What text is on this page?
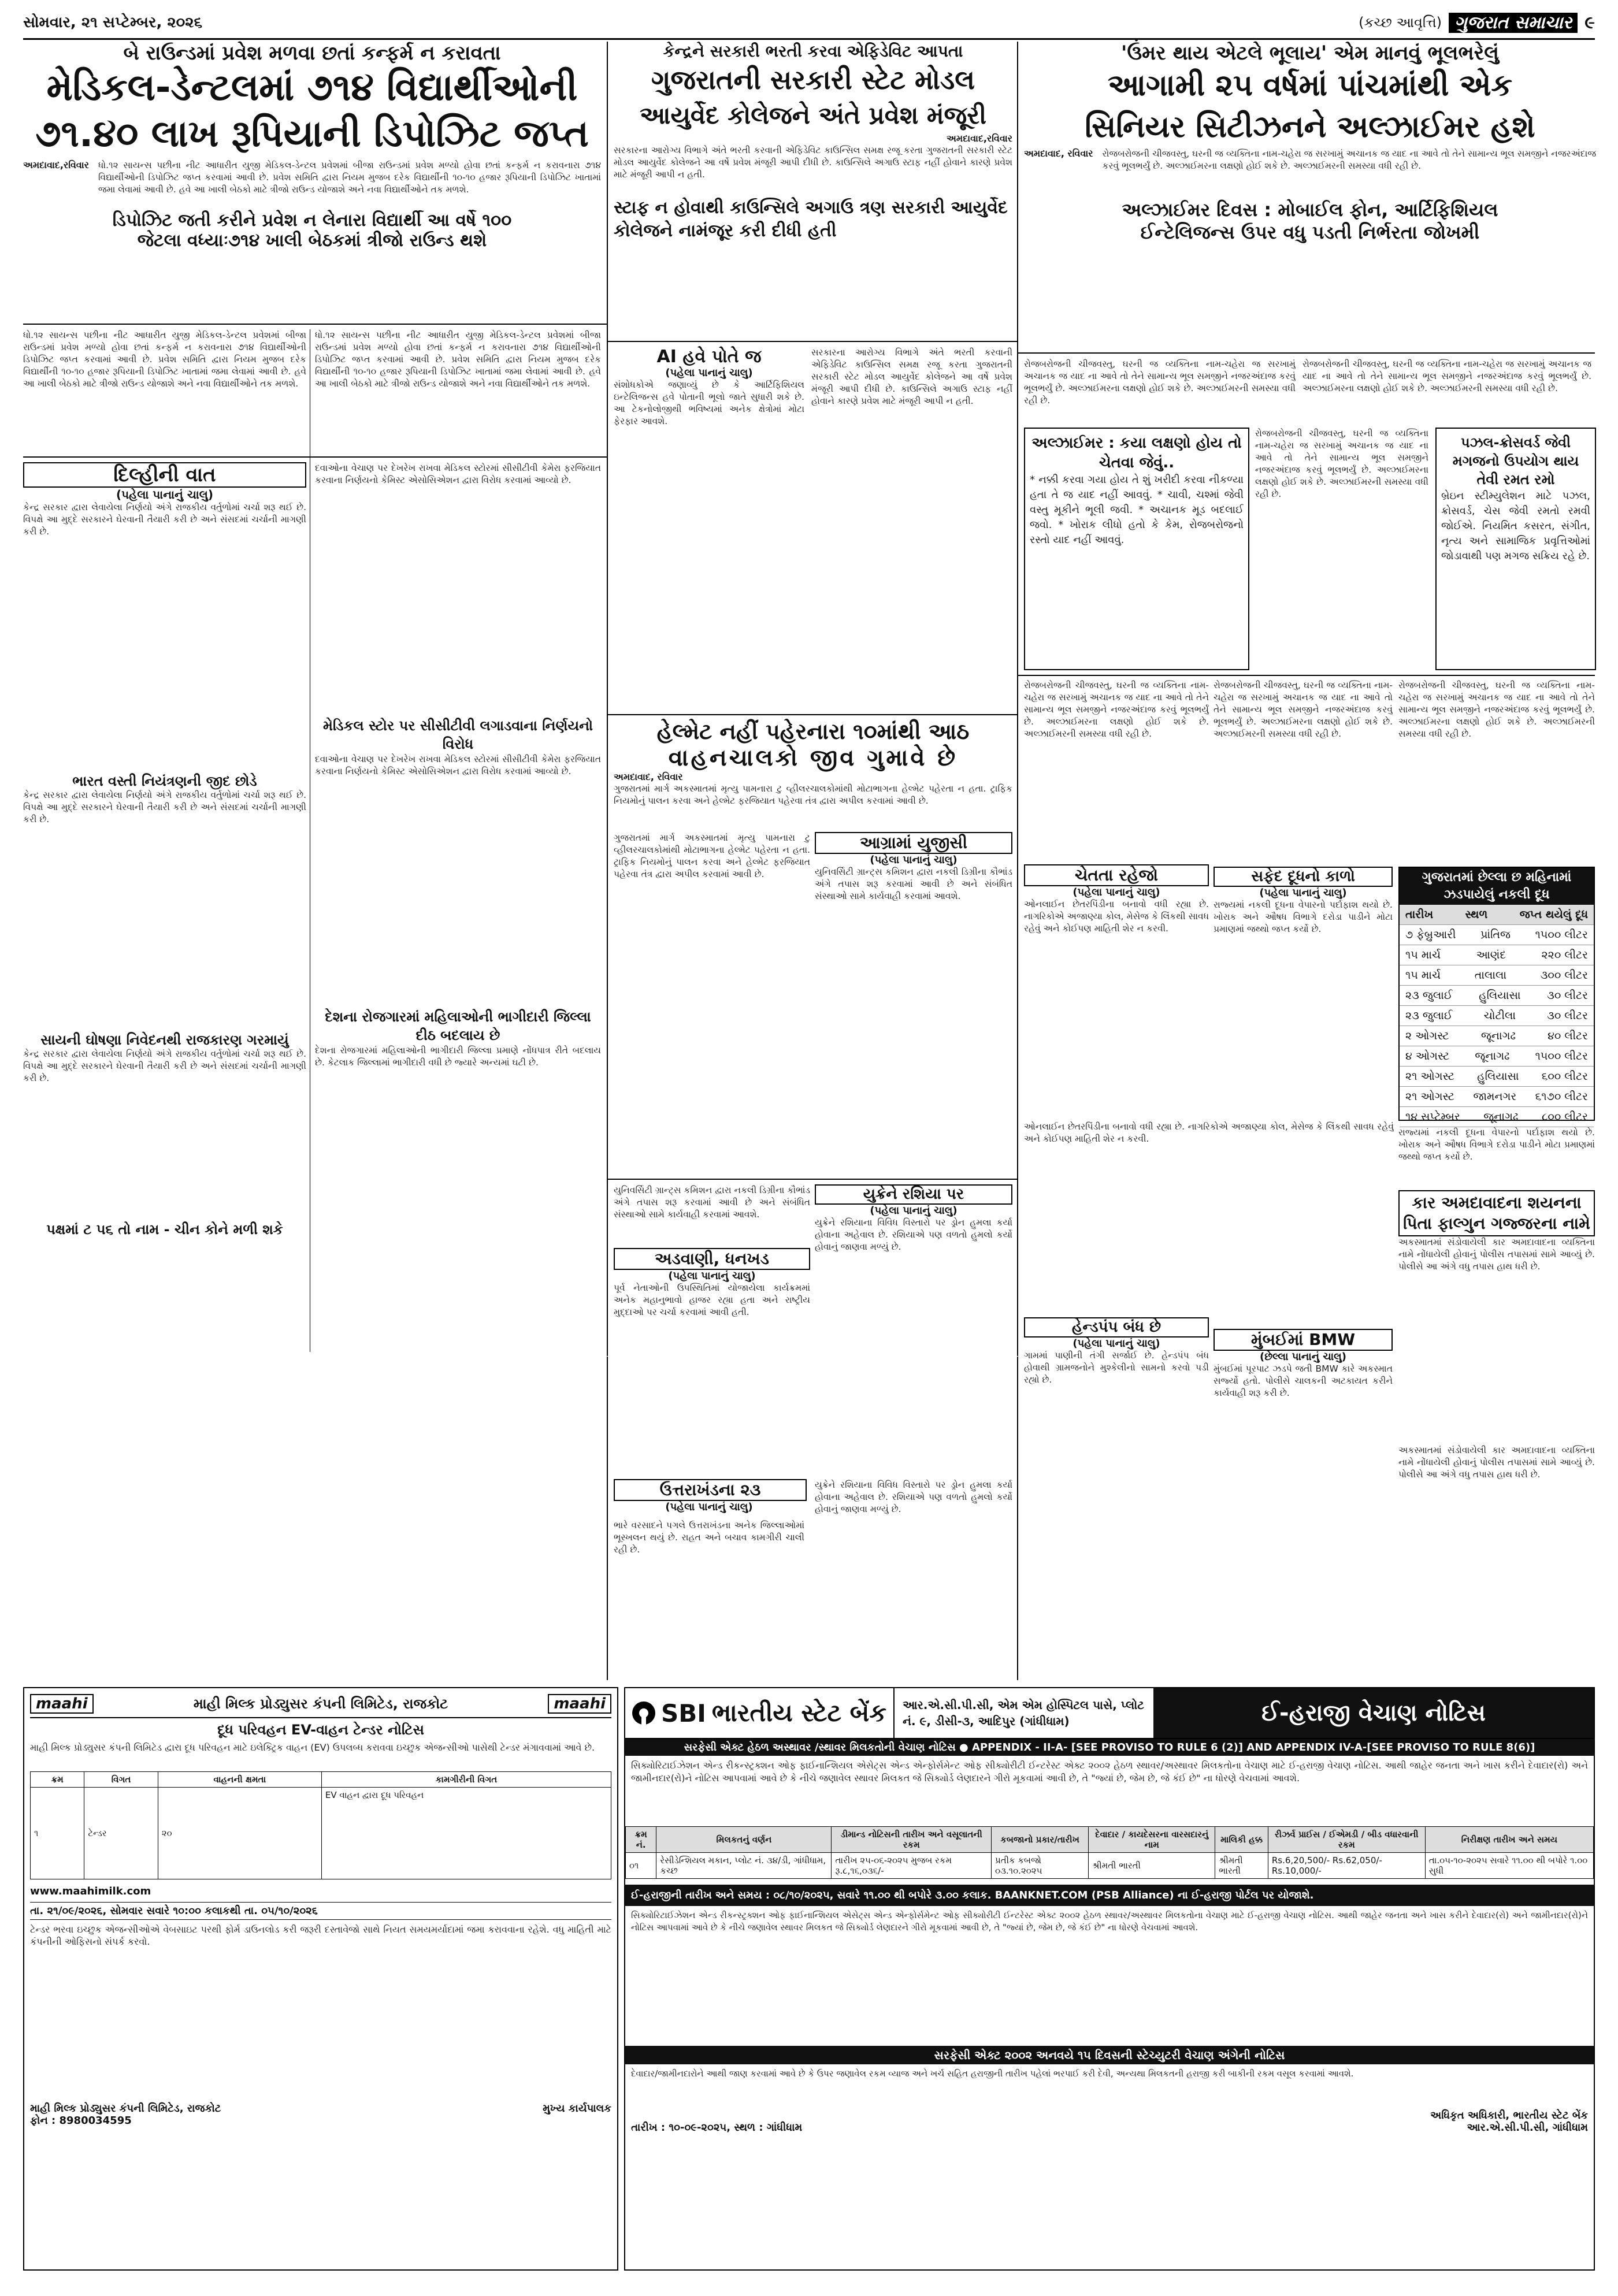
સોમવાર, ૨૧ સપ્ટેમ્બર, ૨૦૨૬	(કચ્છ આવૃત્તિ) ગુજરાત સમાચાર ૯
બે રાઉન્ડમાં પ્રવેશ મળવા છતાં કન્ફર્મ ન કરાવતા
મેડિકલ-ડેન્ટલમાં ૭૧૪ વિદ્યાર્થીઓની
૭૧.૪૦ લાખ રૂપિયાની ડિપોઝિટ જપ્ત
અમદાવાદ,રવિવાર ધો.૧૨ સાયન્સ પછીના નીટ આધારીત યુજી મેડિકલ-ડેન્ટલ પ્રવેશમાં બીજા રાઉન્ડમાં પ્રવેશ મળ્યો હોવા છતાં કન્ફર્મ ન કરાવનારા ૭૧૪ વિદ્યાર્થીઓની ડિપોઝિટ જપ્ત કરવામાં આવી છે. પ્રવેશ સમિતિ દ્વારા નિયમ મુજબ દરેક વિદ્યાર્થીની ૧૦-૧૦ હજાર રૂપિયાની ડિપોઝિટ ખાતામાં જમા લેવામાં આવી છે. હવે આ ખાલી બેઠકો માટે ત્રીજો રાઉન્ડ યોજાશે અને નવા વિદ્યાર્થીઓને તક મળશે.
ડિપોઝિટ જતી કરીને પ્રવેશ ન લેનારા વિદ્યાર્થી આ વર્ષે ૧૦૦
જેટલા વધ્યાઃ૭૧૪ ખાલી બેઠકમાં ત્રીજો રાઉન્ડ થશે
કેન્દ્રને સરકારી ભરતી કરવા એફિડેવિટ આપતા
ગુજરાતની સરકારી સ્ટેટ મોડલ
આયુર્વેદ કોલેજને અંતે પ્રવેશ મંજૂરી
અમદાવાદ,રવિવાર
સરકારના આરોગ્ય વિભાગે અંતે ભરતી કરવાની એફિડેવિટ કાઉન્સિલ સમક્ષ રજૂ કરતા ગુજરાતની સરકારી સ્ટેટ મોડલ આયુર્વેદ કોલેજને આ વર્ષે પ્રવેશ મંજૂરી આપી દીધી છે. કાઉન્સિલે અગાઉ સ્ટાફ નહીં હોવાને કારણે પ્રવેશ માટે મંજૂરી આપી ન હતી.
સ્ટાફ ન હોવાથી કાઉન્સિલે અગાઉ ત્રણ સરકારી આયુર્વેદ કોલેજને નામંજૂર કરી દીધી હતી
'ઉંમર થાય એટલે ભૂલાય' એમ માનવું ભૂલભરેલું
આગામી ૨૫ વર્ષમાં પાંચમાંથી એક
સિનિયર સિટીઝનને અલ્ઝાઈમર હશે
અમદાવાદ, રવિવાર રોજબરોજની ચીજવસ્તુ, ઘરની જ વ્યક્તિના નામ-ચહેરા જ સરખામું અચાનક જ યાદ ના આવે તો તેને સામાન્ય ભૂલ સમજીને નજરઅંદાજ કરવું ભૂલભર્યું છે. અલ્ઝાઈમરના લક્ષણો હોઈ શકે છે. અલ્ઝાઈમરની સમસ્યા વધી રહી છે.
અલ્ઝાઈમર દિવસ : મોબાઈલ ફોન, આર્ટિફિશિયલ
ઈન્ટેલિજન્સ ઉપર વધુ પડતી નિર્ભરતા જોખમી
ધો.૧૨ સાયન્સ પછીના નીટ આધારીત યુજી મેડિકલ-ડેન્ટલ પ્રવેશમાં બીજા રાઉન્ડમાં પ્રવેશ મળ્યો હોવા છતાં કન્ફર્મ ન કરાવનારા ૭૧૪ વિદ્યાર્થીઓની ડિપોઝિટ જપ્ત કરવામાં આવી છે. પ્રવેશ સમિતિ દ્વારા નિયમ મુજબ દરેક વિદ્યાર્થીની ૧૦-૧૦ હજાર રૂપિયાની ડિપોઝિટ ખાતામાં જમા લેવામાં આવી છે. હવે આ ખાલી બેઠકો માટે ત્રીજો રાઉન્ડ યોજાશે અને નવા વિદ્યાર્થીઓને તક મળશે.
ધો.૧૨ સાયન્સ પછીના નીટ આધારીત યુજી મેડિકલ-ડેન્ટલ પ્રવેશમાં બીજા રાઉન્ડમાં પ્રવેશ મળ્યો હોવા છતાં કન્ફર્મ ન કરાવનારા ૭૧૪ વિદ્યાર્થીઓની ડિપોઝિટ જપ્ત કરવામાં આવી છે. પ્રવેશ સમિતિ દ્વારા નિયમ મુજબ દરેક વિદ્યાર્થીની ૧૦-૧૦ હજાર રૂપિયાની ડિપોઝિટ ખાતામાં જમા લેવામાં આવી છે. હવે આ ખાલી બેઠકો માટે ત્રીજો રાઉન્ડ યોજાશે અને નવા વિદ્યાર્થીઓને તક મળશે.
દિલ્હીની વાત
(પહેલા પાનાનું ચાલુ)
કેન્દ્ર સરકાર દ્વારા લેવાયેલા નિર્ણયો અંગે રાજકીય વર્તુળોમાં ચર્ચા શરૂ થઈ છે. વિપક્ષે આ મુદ્દે સરકારને ઘેરવાની તૈયારી કરી છે અને સંસદમાં ચર્ચાની માગણી કરી છે.
ભારત વસ્તી નિયંત્રણની જીદ છોડે
કેન્દ્ર સરકાર દ્વારા લેવાયેલા નિર્ણયો અંગે રાજકીય વર્તુળોમાં ચર્ચા શરૂ થઈ છે. વિપક્ષે આ મુદ્દે સરકારને ઘેરવાની તૈયારી કરી છે અને સંસદમાં ચર્ચાની માગણી કરી છે.
સાયની ઘોષણા નિવેદનથી રાજકારણ ગરમાયું
કેન્દ્ર સરકાર દ્વારા લેવાયેલા નિર્ણયો અંગે રાજકીય વર્તુળોમાં ચર્ચા શરૂ થઈ છે. વિપક્ષે આ મુદ્દે સરકારને ઘેરવાની તૈયારી કરી છે અને સંસદમાં ચર્ચાની માગણી કરી છે.
પક્ષમાં ટ ૫૬ તો નામ - ચીન કોને મળી શકે
દવાઓના વેચાણ પર દેખરેખ રાખવા મેડિકલ સ્ટોરમાં સીસીટીવી કેમેરા ફરજિયાત કરવાના નિર્ણયનો કેમિસ્ટ એસોસિએશન દ્વારા વિરોધ કરવામાં આવ્યો છે.
મેડિકલ સ્ટોર પર સીસીટીવી લગાડવાના નિર્ણયનો વિરોધ
દવાઓના વેચાણ પર દેખરેખ રાખવા મેડિકલ સ્ટોરમાં સીસીટીવી કેમેરા ફરજિયાત કરવાના નિર્ણયનો કેમિસ્ટ એસોસિએશન દ્વારા વિરોધ કરવામાં આવ્યો છે.
દેશના રોજગારમાં મહિલાઓની ભાગીદારી જિલ્લા દીઠ બદલાય છે
દેશના રોજગારમાં મહિલાઓની ભાગીદારી જિલ્લા પ્રમાણે નોંધપાત્ર રીતે બદલાય છે. કેટલાક જિલ્લામાં ભાગીદારી વધી છે જ્યારે અન્યમાં ઘટી છે.
AI હવે પોતે જ
(પહેલા પાનાનું ચાલુ)
સંશોધકોએ જણાવ્યું છે કે આર્ટિફિશિયલ ઇન્ટેલિજન્સ હવે પોતાની ભૂલો જાતે સુધારી શકે છે. આ ટેકનોલોજીથી ભવિષ્યમાં અનેક ક્ષેત્રોમાં મોટા ફેરફાર આવશે.
સરકારના આરોગ્ય વિભાગે અંતે ભરતી કરવાની એફિડેવિટ કાઉન્સિલ સમક્ષ રજૂ કરતા ગુજરાતની સરકારી સ્ટેટ મોડલ આયુર્વેદ કોલેજને આ વર્ષે પ્રવેશ મંજૂરી આપી દીધી છે. કાઉન્સિલે અગાઉ સ્ટાફ નહીં હોવાને કારણે પ્રવેશ માટે મંજૂરી આપી ન હતી.
હેલ્મેટ નહીં પહેરનારા ૧૦માંથી આઠ
વાહનચાલકો જીવ ગુમાવે છે
અમદાવાદ, રવિવાર
ગુજરાતમાં માર્ગ અકસ્માતમાં મૃત્યુ પામનારા ટુ વ્હીલરચાલકોમાંથી મોટાભાગના હેલ્મેટ પહેરતા ન હતા. ટ્રાફિક નિયમોનું પાલન કરવા અને હેલ્મેટ ફરજિયાત પહેરવા તંત્ર દ્વારા અપીલ કરવામાં આવી છે.
ગુજરાતમાં માર્ગ અકસ્માતમાં મૃત્યુ પામનારા ટુ વ્હીલરચાલકોમાંથી મોટાભાગના હેલ્મેટ પહેરતા ન હતા. ટ્રાફિક નિયમોનું પાલન કરવા અને હેલ્મેટ ફરજિયાત પહેરવા તંત્ર દ્વારા અપીલ કરવામાં આવી છે.
આગ્રામાં યુજીસી
(પહેલા પાનાનું ચાલુ)
યુનિવર્સિટી ગ્રાન્ટ્સ કમિશન દ્વારા નકલી ડિગ્રીના કૌભાંડ અંગે તપાસ શરૂ કરવામાં આવી છે અને સંબંધિત સંસ્થાઓ સામે કાર્યવાહી કરવામાં આવશે.
યુક્રેને રશિયા પર
(પહેલા પાનાનું ચાલુ)
યુક્રેને રશિયાના વિવિધ વિસ્તારો પર ડ્રોન હુમલા કર્યા હોવાના અહેવાલ છે. રશિયાએ પણ વળતો હુમલો કર્યો હોવાનું જાણવા મળ્યું છે.
યુનિવર્સિટી ગ્રાન્ટ્સ કમિશન દ્વારા નકલી ડિગ્રીના કૌભાંડ અંગે તપાસ શરૂ કરવામાં આવી છે અને સંબંધિત સંસ્થાઓ સામે કાર્યવાહી કરવામાં આવશે.
અડવાણી, ધનખડ
(પહેલા પાનાનું ચાલુ)
પૂર્વ નેતાઓની ઉપસ્થિતિમાં યોજાયેલા કાર્યક્રમમાં અનેક મહાનુભાવો હાજર રહ્યા હતા અને રાષ્ટ્રીય મુદ્દાઓ પર ચર્ચા કરવામાં આવી હતી.
ઉત્તરાખંડના ૨૩
(પહેલા પાનાનું ચાલુ)
ભારે વરસાદને પગલે ઉત્તરાખંડના અનેક જિલ્લાઓમાં ભૂસ્ખલન થયું છે. રાહત અને બચાવ કામગીરી ચાલી રહી છે.
યુક્રેને રશિયાના વિવિધ વિસ્તારો પર ડ્રોન હુમલા કર્યા હોવાના અહેવાલ છે. રશિયાએ પણ વળતો હુમલો કર્યો હોવાનું જાણવા મળ્યું છે.
રોજબરોજની ચીજવસ્તુ, ઘરની જ વ્યક્તિના નામ-ચહેરા જ સરખામું અચાનક જ યાદ ના આવે તો તેને સામાન્ય ભૂલ સમજીને નજરઅંદાજ કરવું ભૂલભર્યું છે. અલ્ઝાઈમરના લક્ષણો હોઈ શકે છે. અલ્ઝાઈમરની સમસ્યા વધી રહી છે.
રોજબરોજની ચીજવસ્તુ, ઘરની જ વ્યક્તિના નામ-ચહેરા જ સરખામું અચાનક જ યાદ ના આવે તો તેને સામાન્ય ભૂલ સમજીને નજરઅંદાજ કરવું ભૂલભર્યું છે. અલ્ઝાઈમરના લક્ષણો હોઈ શકે છે. અલ્ઝાઈમરની સમસ્યા વધી રહી છે.
અલ્ઝાઈમર : કયા લક્ષણો હોય તો ચેતવા જેવું..
* નક્કી કરવા ગયા હોય તે શું ખરીદી કરવા નીકળ્યા હતા તે જ યાદ નહીં આવવું. * ચાવી, ચશ્માં જેવી વસ્તુ મૂકીને ભૂલી જવી. * અચાનક મૂડ બદલાઈ જવો. * ખોરાક લીધો હતો કે કેમ, રોજબરોજનો રસ્તો યાદ નહીં આવવું.
રોજબરોજની ચીજવસ્તુ, ઘરની જ વ્યક્તિના નામ-ચહેરા જ સરખામું અચાનક જ યાદ ના આવે તો તેને સામાન્ય ભૂલ સમજીને નજરઅંદાજ કરવું ભૂલભર્યું છે. અલ્ઝાઈમરના લક્ષણો હોઈ શકે છે. અલ્ઝાઈમરની સમસ્યા વધી રહી છે.
પઝલ-ક્રોસવર્ડ જેવી મગજનો ઉપયોગ થાય તેવી રમત રમો
બ્રેઇન સ્ટીમ્યુલેશન માટે પઝલ, ક્રોસવર્ડ, ચેસ જેવી રમતો રમવી જોઈએ. નિયમિત કસરત, સંગીત, નૃત્ય અને સામાજિક પ્રવૃત્તિઓમાં જોડાવાથી પણ મગજ સક્રિય રહે છે.
રોજબરોજની ચીજવસ્તુ, ઘરની જ વ્યક્તિના નામ-ચહેરા જ સરખામું અચાનક જ યાદ ના આવે તો તેને સામાન્ય ભૂલ સમજીને નજરઅંદાજ કરવું ભૂલભર્યું છે. અલ્ઝાઈમરના લક્ષણો હોઈ શકે છે. અલ્ઝાઈમરની સમસ્યા વધી રહી છે.
ચેતતા રહેજો
(પહેલા પાનાનું ચાલુ)
ઓનલાઈન છેતરપિંડીના બનાવો વધી રહ્યા છે. નાગરિકોએ અજાણ્યા કોલ, મેસેજ કે લિંકથી સાવધ રહેવું અને કોઈપણ માહિતી શેર ન કરવી.
સફેદ દૂધનો કાળો
(પહેલા પાનાનું ચાલુ)
રાજ્યમાં નકલી દૂધના વેપારનો પર્દાફાશ થયો છે. ખોરાક અને ઔષધ વિભાગે દરોડા પાડીને મોટા પ્રમાણમાં જથ્થો જપ્ત કર્યો છે.
રોજબરોજની ચીજવસ્તુ, ઘરની જ વ્યક્તિના નામ-ચહેરા જ સરખામું અચાનક જ યાદ ના આવે તો તેને સામાન્ય ભૂલ સમજીને નજરઅંદાજ કરવું ભૂલભર્યું છે. અલ્ઝાઈમરના લક્ષણો હોઈ શકે છે. અલ્ઝાઈમરની સમસ્યા વધી રહી છે.
રોજબરોજની ચીજવસ્તુ, ઘરની જ વ્યક્તિના નામ-ચહેરા જ સરખામું અચાનક જ યાદ ના આવે તો તેને સામાન્ય ભૂલ સમજીને નજરઅંદાજ કરવું ભૂલભર્યું છે. અલ્ઝાઈમરના લક્ષણો હોઈ શકે છે. અલ્ઝાઈમરની સમસ્યા વધી રહી છે.
ગુજરાતમાં છેલ્લા છ મહિનામાં ઝડપાયેલું નકલી દૂધ
તારીખ	સ્થળ	જપ્ત થયેલું દૂધ
૭ ફેબ્રુઆરી પ્રાંતિજ ૧૫૦૦ લીટર
૧૫ માર્ચ	આણંદ	૨૨૦ લીટર
૧૫ માર્ચ	તાલાલા	૩૦૦ લીટર
૨૩ જુલાઈ હુલિયાસા ૩૦ લીટર
૨૩ જુલાઈ	ચોટીલા	૩૦ લીટર
૨ ઓગસ્ટ	જૂનાગઢ	૪૦ લીટર
૪ ઓગસ્ટ જૂનાગઢ ૧૫૦૦ લીટર
૨૧ ઓગસ્ટ હુલિયાસા ૬૦૦ લીટર
૨૧ ઓગસ્ટ જામનગર ૬૧૭૦ લીટર
૧૪ સપ્ટેમ્બર જૂનાગઢ ૮૦૦ લીટર
રાજ્યમાં નકલી દૂધના વેપારનો પર્દાફાશ થયો છે. ખોરાક અને ઔષધ વિભાગે દરોડા પાડીને મોટા પ્રમાણમાં જથ્થો જપ્ત કર્યો છે.
કાર અમદાવાદના શયનના પિતા ફાલ્ગુન ગજ્જરના નામે
અકસ્માતમાં સંડોવાયેલી કાર અમદાવાદના વ્યક્તિના નામે નોંધાયેલી હોવાનું પોલીસ તપાસમાં સામે આવ્યું છે. પોલીસે આ અંગે વધુ તપાસ હાથ ધરી છે.
ઓનલાઈન છેતરપિંડીના બનાવો વધી રહ્યા છે. નાગરિકોએ અજાણ્યા કોલ, મેસેજ કે લિંકથી સાવધ રહેવું અને કોઈપણ માહિતી શેર ન કરવી.
મુંબઈમાં BMW
(છેલ્લા પાનાનું ચાલુ)
મુંબઈમાં પૂરપાટ ઝડપે જતી BMW કારે અકસ્માત સર્જ્યો હતો. પોલીસે ચાલકની અટકાયત કરીને કાર્યવાહી શરૂ કરી છે.
હેન્ડપંપ બંધ છે
(પહેલા પાનાનું ચાલુ)
ગામમાં પાણીની તંગી સર્જાઈ છે. હેન્ડપંપ બંધ હોવાથી ગ્રામજનોને મુશ્કેલીનો સામનો કરવો પડી રહ્યો છે.
અકસ્માતમાં સંડોવાયેલી કાર અમદાવાદના વ્યક્તિના નામે નોંધાયેલી હોવાનું પોલીસ તપાસમાં સામે આવ્યું છે. પોલીસે આ અંગે વધુ તપાસ હાથ ધરી છે.
maahi	માહી મિલ્ક પ્રોડ્યુસર કંપની લિમિટેડ, રાજકોટ	maahi
દૂધ પરિવહન EV-વાહન ટેન્ડર નોટિસ
માહી મિલ્ક પ્રોડ્યુસર કંપની લિમિટેડ દ્વારા દૂધ પરિવહન માટે ઇલેક્ટ્રિક વાહન (EV) ઉપલબ્ધ કરાવવા ઇચ્છુક એજન્સીઓ પાસેથી ટેન્ડર મંગાવવામાં આવે છે.
ક્રમ	વિગત	વાહનની ક્ષમતા	કામગીરીની વિગત
૧	ટેન્ડર	૨૦	EV વાહન દ્વારા દૂધ પરિવહન
www.maahimilk.com
તા. ૨૧/૦૯/૨૦૨૬, સોમવાર સવારે ૧૦:૦૦ કલાકથી તા. ૦૫/૧૦/૨૦૨૬
ટેન્ડર ભરવા ઇચ્છુક એજન્સીઓએ વેબસાઇટ પરથી ફોર્મ ડાઉનલોડ કરી જરૂરી દસ્તાવેજો સાથે નિયત સમયમર્યાદામાં જમા કરાવવાના રહેશે. વધુ માહિતી માટે કંપનીની ઓફિસનો સંપર્ક કરવો.
માહી મિલ્ક પ્રોડ્યુસર કંપની લિમિટેડ, રાજકોટ
ફોન : 8980034595
મુખ્ય કાર્યપાલક
SBI ભારતીય સ્ટેટ બેંક	આર.એ.સી.પી.સી, એમ એમ હોસ્પિટલ પાસે, પ્લોટ નં. ૯, ડીસી-૩, આદિપુર (ગાંધીધામ)	ઈ-હરાજી વેચાણ નોટિસ
સરફેસી એક્ટ હેઠળ અસ્થાવર /સ્થાવર મિલકતોની વેચાણ નોટિસ ● APPENDIX - II-A- [SEE PROVISO TO RULE 6 (2)] AND APPENDIX IV-A-[SEE PROVISO TO RULE 8(6)]
સિક્યોરિટાઈઝેશન એન્ડ રીકન્સ્ટ્રક્શન ઓફ ફાઈનાન્શિયલ એસેટ્સ એન્ડ એન્ફોર્સમેન્ટ ઓફ સીક્યોરીટી ઈન્ટરેસ્ટ એક્ટ ૨૦૦૨ હેઠળ સ્થાવર/અસ્થાવર મિલકતોના વેચાણ માટે ઈ-હરાજી વેચાણ નોટિસ. આથી જાહેર જનતા અને ખાસ કરીને દેવાદાર(રો) અને જામીનદાર(રો)ને નોટિસ આપવામાં આવે છે કે નીચે જણાવેલ સ્થાવર મિલકત જે સિક્યોર્ડ લેણદારને ગીરો મૂકવામાં આવી છે, તે "જ્યાં છે, જેમ છે, જે કંઈ છે" ના ધોરણે વેચવામાં આવશે.
ક્રમ નં.	મિલકતનું વર્ણન	ડીમાન્ડ નોટિસની તારીખ અને વસૂલાતની રકમ	કબજાનો પ્રકાર/તારીખ	દેવાદાર / કાયદેસરના વારસદારનું નામ	માલિકી હક્ક	રીઝર્વ પ્રાઈસ / ઈએમડી / બીડ વધારવાની રકમ	નિરીક્ષણ તારીખ અને સમય
૦૧	રેસીડેન્શિયલ મકાન, પ્લોટ નં. ૩૪/ડી, ગાંધીધામ, કચ્છ	તારીખ ૨૫-૦૬-૨૦૨૫ મુજબ રકમ રૂ.૮,૧૬,૦૩૬/-	પ્રતીક કબજો ૦૩.૧૦.૨૦૨૫	શ્રીમતી ભારતી	શ્રીમતી ભારતી	Rs.6,20,500/- Rs.62,050/- Rs.10,000/-	તા.૦૫-૧૦-૨૦૨૫ સવારે ૧૧.૦૦ થી બપોરે ૧.૦૦ સુધી
ઈ-હરાજીની તારીખ અને સમય : ૦૮/૧૦/૨૦૨૫, સવારે ૧૧.૦૦ થી બપોરે ૩.૦૦ કલાક. BAANKNET.COM (PSB Alliance) ના ઈ-હરાજી પોર્ટલ પર યોજાશે.
સિક્યોરિટાઈઝેશન એન્ડ રીકન્સ્ટ્રક્શન ઓફ ફાઈનાન્શિયલ એસેટ્સ એન્ડ એન્ફોર્સમેન્ટ ઓફ સીક્યોરીટી ઈન્ટરેસ્ટ એક્ટ ૨૦૦૨ હેઠળ સ્થાવર/અસ્થાવર મિલકતોના વેચાણ માટે ઈ-હરાજી વેચાણ નોટિસ. આથી જાહેર જનતા અને ખાસ કરીને દેવાદાર(રો) અને જામીનદાર(રો)ને નોટિસ આપવામાં આવે છે કે નીચે જણાવેલ સ્થાવર મિલકત જે સિક્યોર્ડ લેણદારને ગીરો મૂકવામાં આવી છે, તે "જ્યાં છે, જેમ છે, જે કંઈ છે" ના ધોરણે વેચવામાં આવશે.
સરફેસી એક્ટ ૨૦૦૨ અનવયે ૧૫ દિવસની સ્ટેચ્યુટરી વેચાણ અંગેની નોટિસ
દેવાદાર/જામીનદારોને આથી જાણ કરવામાં આવે છે કે ઉપર જણાવેલ રકમ વ્યાજ અને ખર્ચ સહિત હરાજીની તારીખ પહેલાં ભરપાઈ કરી દેવી, અન્યથા મિલકતની હરાજી કરી બાકીની રકમ વસૂલ કરવામાં આવશે.
તારીખ : ૧૦-૦૯-૨૦૨૫, સ્થળ : ગાંધીધામ
અધિકૃત અધિકારી, ભારતીય સ્ટેટ બેંક
આર.એ.સી.પી.સી, ગાંધીધામ
